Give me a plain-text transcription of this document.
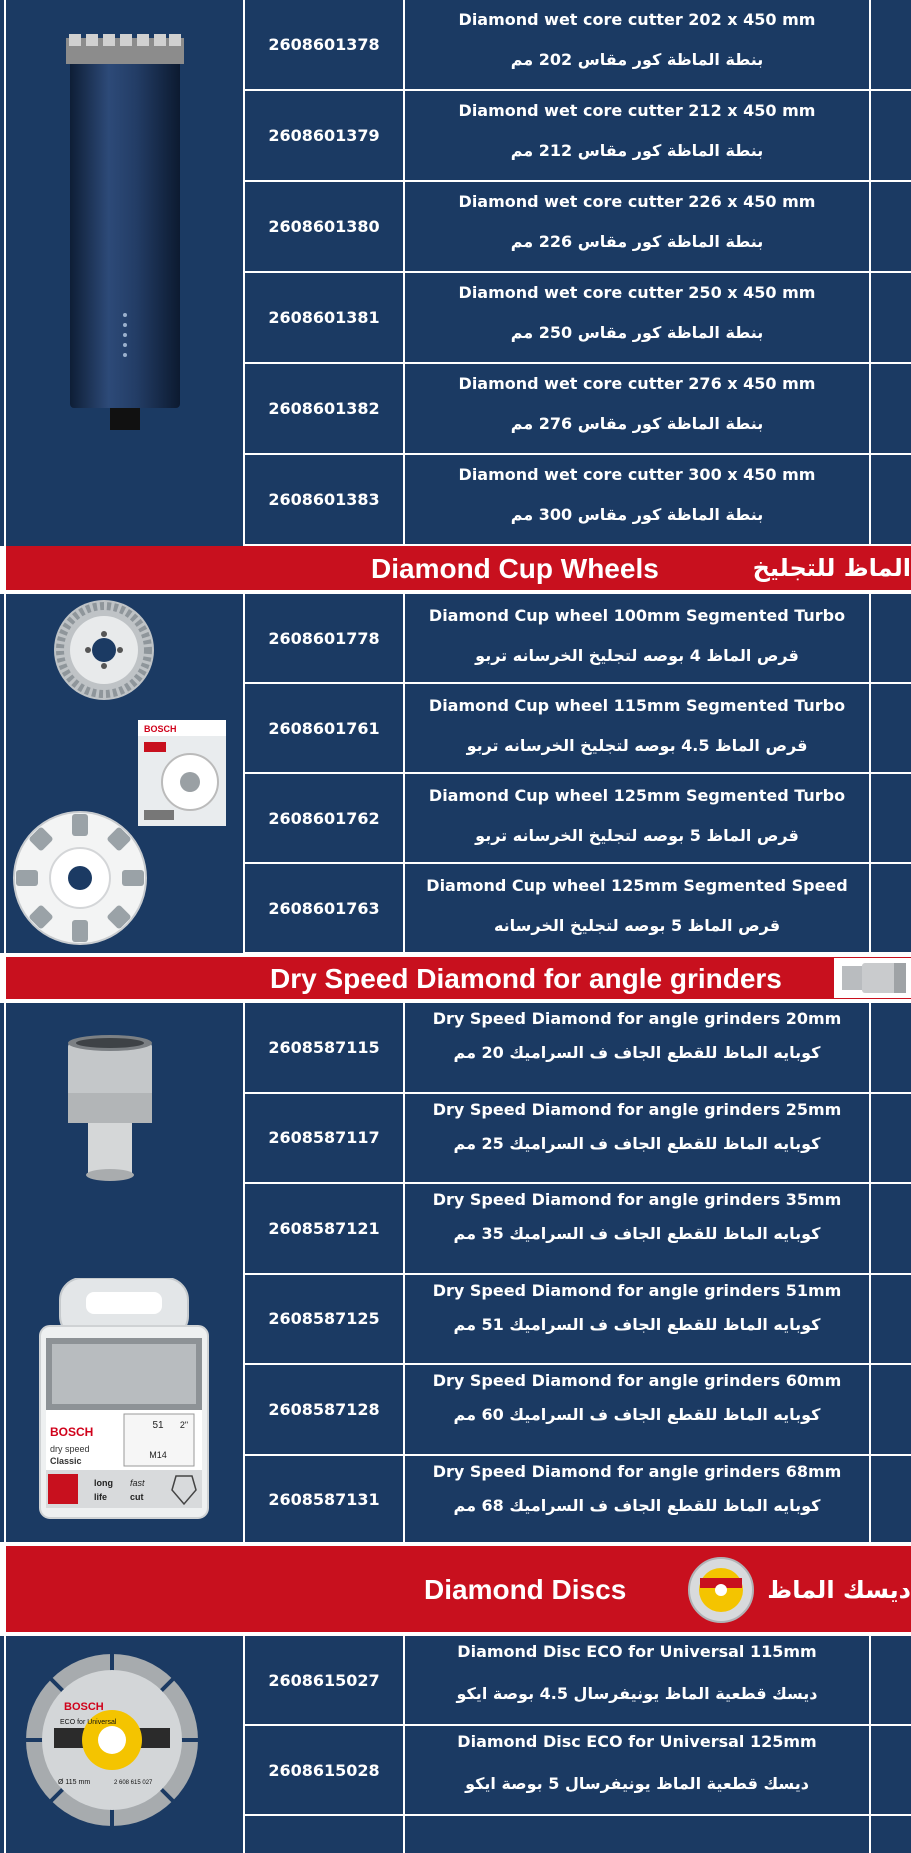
2608601378
Diamond wet core cutter 202 x 450 mm
بنطة الماظة كور مقاس 202 مم
2608601379
Diamond wet core cutter 212 x 450 mm
بنطة الماظة كور مقاس 212 مم
2608601380
Diamond wet core cutter 226 x 450 mm
بنطة الماظة كور مقاس 226 مم
2608601381
Diamond wet core cutter 250 x 450 mm
بنطة الماظة كور مقاس 250 مم
2608601382
Diamond wet core cutter 276 x 450 mm
بنطة الماظة كور مقاس 276 مم
2608601383
Diamond wet core cutter 300 x 450 mm
بنطة الماظة كور مقاس 300 مم
Diamond Cup Wheels	الماظ للتجليخ
BOSCH
2608601778
Diamond Cup wheel 100mm Segmented Turbo
قرص الماظ 4 بوصه لتجليخ الخرسانه تربو
2608601761
Diamond Cup wheel 115mm Segmented Turbo
قرص الماظ 4.5 بوصه لتجليخ الخرسانه تربو
2608601762
Diamond Cup wheel 125mm Segmented Turbo
قرص الماظ 5 بوصه لتجليخ الخرسانه تربو
2608601763
Diamond Cup wheel 125mm Segmented Speed
قرص الماظ 5 بوصه لتجليخ الخرسانه
Dry Speed Diamond for angle grinders
BOSCH
dry speed
Classic
51 2"
M14
long
life
fast
cut
2608587115
Dry Speed Diamond for angle grinders 20mm
كوبايه الماظ للقطع الجاف ف السراميك 20 مم
2608587117
Dry Speed Diamond for angle grinders 25mm
كوبايه الماظ للقطع الجاف ف السراميك 25 مم
2608587121
Dry Speed Diamond for angle grinders 35mm
كوبايه الماظ للقطع الجاف ف السراميك 35 مم
2608587125
Dry Speed Diamond for angle grinders 51mm
كوبايه الماظ للقطع الجاف ف السراميك 51 مم
2608587128
Dry Speed Diamond for angle grinders 60mm
كوبايه الماظ للقطع الجاف ف السراميك 60 مم
2608587131
Dry Speed Diamond for angle grinders 68mm
كوبايه الماظ للقطع الجاف ف السراميك 68 مم
Diamond Discs	ديسك الماظ
BOSCH
ECO for Universal
Ø 115 mm	2 608 615 027
2608615027
Diamond Disc ECO for Universal 115mm
ديسك قطعية الماظ يونيفرسال 4.5 بوصة ايكو
2608615028
Diamond Disc ECO for Universal 125mm
ديسك قطعية الماظ يونيفرسال 5 بوصة ايكو
